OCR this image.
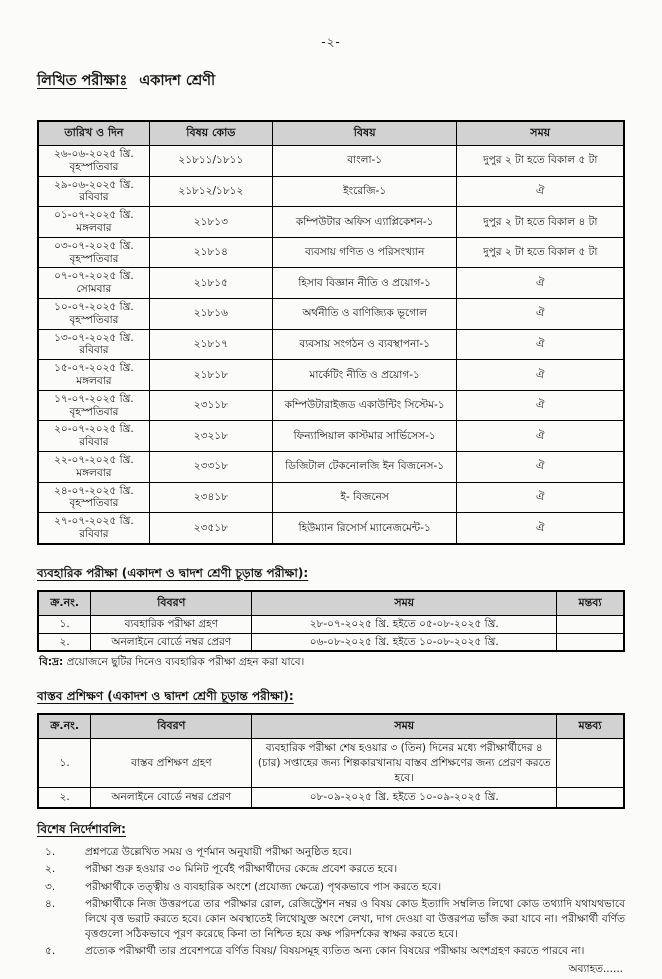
-২-
লিখিত পরীক্ষাঃ একাদশ শ্রেণী
তারিখ ও দিন	বিষয় কোড	বিষয়	সময়

২৬-০৬-২০২৫ খ্রি.
বৃহস্পতিবার	২১৮১১/১৮১১	বাংলা-১	দুপুর ২ টা হতে বিকাল ৫ টা

২৯-০৬-২০২৫ খ্রি.
রবিবার	২১৮১২/১৮১২	ইংরেজি-১	ঐ

০১-০৭-২০২৫ খ্রি.
মঙ্গলবার	২১৮১৩	কম্পিউটার অফিস এ্যাপ্লিকেশন-১	দুপুর ২ টা হতে বিকাল ৪ টা

০৩-০৭-২০২৫ খ্রি.
বৃহস্পতিবার	২১৮১৪	ব্যবসায় গণিত ও পরিসংখ্যান	দুপুর ২ টা হতে বিকাল ৫ টা

০৭-০৭-২০২৫ খ্রি.
সোমবার	২১৮১৫	হিসাব বিজ্ঞান নীতি ও প্রয়োগ-১	ঐ

১০-০৭-২০২৫ খ্রি.
বৃহস্পতিবার	২১৮১৬	অর্থনীতি ও বাণিজ্যিক ভূগোল	ঐ

১৩-০৭-২০২৫ খ্রি.
রবিবার	২১৮১৭	ব্যবসায় সংগঠন ও ব্যবস্থাপনা-১	ঐ

১৫-০৭-২০২৫ খ্রি.
মঙ্গলবার	২১৮১৮	মার্কেটিং নীতি ও প্রয়োগ-১	ঐ

১৭-০৭-২০২৫ খ্রি.
বৃহস্পতিবার	২৩১১৮	কম্পিউটারাইজড একাউন্টিং সিস্টেম-১	ঐ

২০-০৭-২০২৫ খ্রি.
রবিবার	২৩২১৮	ফিন্যান্সিয়াল কাস্টমার সার্ভিসেস-১	ঐ

২২-০৭-২০২৫ খ্রি.
মঙ্গলবার	২৩৩১৮	ডিজিটাল টেকনোলজি ইন বিজনেস-১	ঐ

২৪-০৭-২০২৫ খ্রি.
বৃহস্পতিবার	২৩৪১৮	ই- বিজনেস	ঐ

২৭-০৭-২০২৫ খ্রি.
রবিবার	২৩৫১৮	হিউম্যান রিসোর্স ম্যানেজমেন্ট-১	ঐ
ব্যবহারিক পরীক্ষা (একাদশ ও দ্বাদশ শ্রেণী চূড়ান্ত পরীক্ষা):
ক্র.নং.	বিবরণ	সময়	মন্তব্য
১.	ব্যবহারিক পরীক্ষা গ্রহণ	২৮-০৭-২০২৫ খ্রি. হইতে ০৫-০৮-২০২৫ খ্রি.	
২.	অনলাইনে বোর্ডে নম্বর প্রেরণ	০৬-০৮-২০২৫ খ্রি. হইতে ১০-০৮-২০২৫ খ্রি.	
বি:দ্র: প্রয়োজনে ছুটির দিনেও ব্যবহারিক পরীক্ষা গ্রহন করা যাবে।
বাস্তব প্রশিক্ষণ (একাদশ ও দ্বাদশ শ্রেণী চূড়ান্ত পরীক্ষা):
ক্র.নং.	বিবরণ	সময়	মন্তব্য
১.	বাস্তব প্রশিক্ষণ গ্রহণ	ব্যবহারিক পরীক্ষা শেষ হওয়ার ৩ (তিন) দিনের মধ্যে পরীক্ষার্থীদের ৪ (চার) সপ্তাহের জন্য শিল্পকারখানায় বাস্তব প্রশিক্ষণের জন্য প্রেরণ করতে হবে।	
২.	অনলাইনে বোর্ডে নম্বর প্রেরণ	০৮-০৯-২০২৫ খ্রি. হইতে ১০-০৯-২০২৫ খ্রি.	
বিশেষ নির্দেশাবলি:
১.	প্রশ্নপত্রে উল্লেখিত সময় ও পূর্ণমান অনুযায়ী পরীক্ষা অনুষ্ঠিত হবে।
২.	পরীক্ষা শুরু হওয়ার ৩০ মিনিট পূর্বেই পরীক্ষার্থীদের কেন্দ্রে প্রবেশ করতে হবে।
৩.	পরীক্ষার্থীকে তত্ত্বীয় ও ব্যবহারিক অংশে (প্রযোজ্য ক্ষেত্রে) পৃথকভাবে পাস করতে হবে।
৪.	পরীক্ষার্থীকে নিজ উত্তরপত্রে তার পরীক্ষার রোল, রেজিস্ট্রেশন নম্বর ও বিষয় কোড ইত্যাদি সম্বলিত লিথো কোড তথ্যাদি যথাযথভাবে লিখে বৃত্ত ভরাট করতে হবে। কোন অবস্থাতেই লিথোযুক্ত অংশে লেখা, দাগ দেওয়া বা উত্তরপত্র ভাঁজ করা যাবে না। পরীক্ষার্থী বর্ণিত বৃত্তগুলো সঠিকভাবে পূরণ করেছে কিনা তা নিশ্চিত হয়ে কক্ষ পরিদর্শকের স্বাক্ষর করতে হবে।
৫.	প্রত্যেক পরীক্ষার্থী তার প্রবেশপত্রে বর্ণিত বিষয়/ বিষয়সমূহ ব্যতিত অন্য কোন বিষয়ের পরীক্ষায় অংশগ্রহণ করতে পারবে না।
অব্যাহত......
